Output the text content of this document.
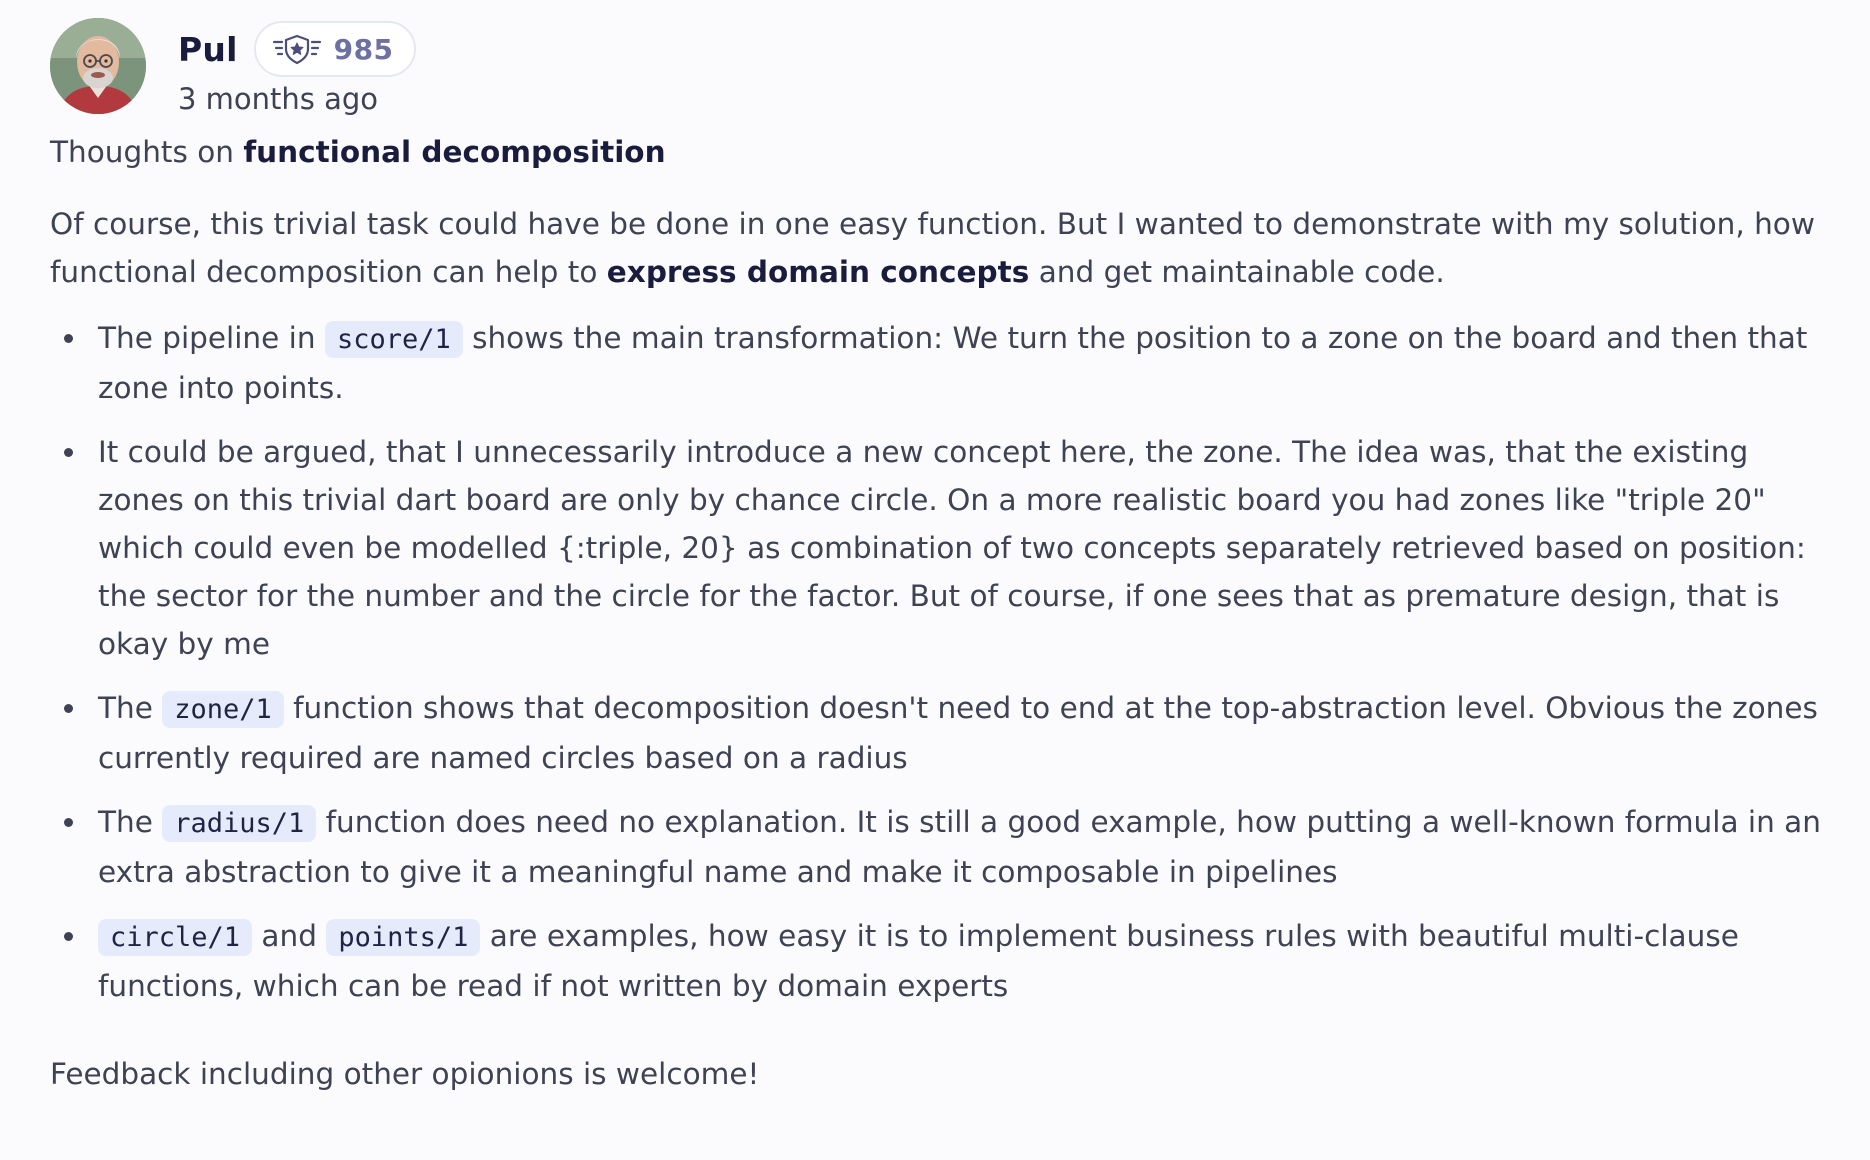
Pul	985
3 months ago

Thoughts on functional decomposition

Of course, this trivial task could have be done in one easy function. But I wanted to demonstrate with my solution, how functional decomposition can help to express domain concepts and get maintainable code.

The pipeline in score/1 shows the main transformation: We turn the position to a zone on the board and then that zone into points.
It could be argued, that I unnecessarily introduce a new concept here, the zone. The idea was, that the existing zones on this trivial dart board are only by chance circle. On a more realistic board you had zones like "triple 20" which could even be modelled {:triple, 20} as combination of two concepts separately retrieved based on position: the sector for the number and the circle for the factor. But of course, if one sees that as premature design, that is okay by me
The zone/1 function shows that decomposition doesn't need to end at the top-abstraction level. Obvious the zones currently required are named circles based on a radius
The radius/1 function does need no explanation. It is still a good example, how putting a well-known formula in an extra abstraction to give it a meaningful name and make it composable in pipelines
circle/1 and points/1 are examples, how easy it is to implement business rules with beautiful multi-clause functions, which can be read if not written by domain experts

Feedback including other opionions is welcome!
